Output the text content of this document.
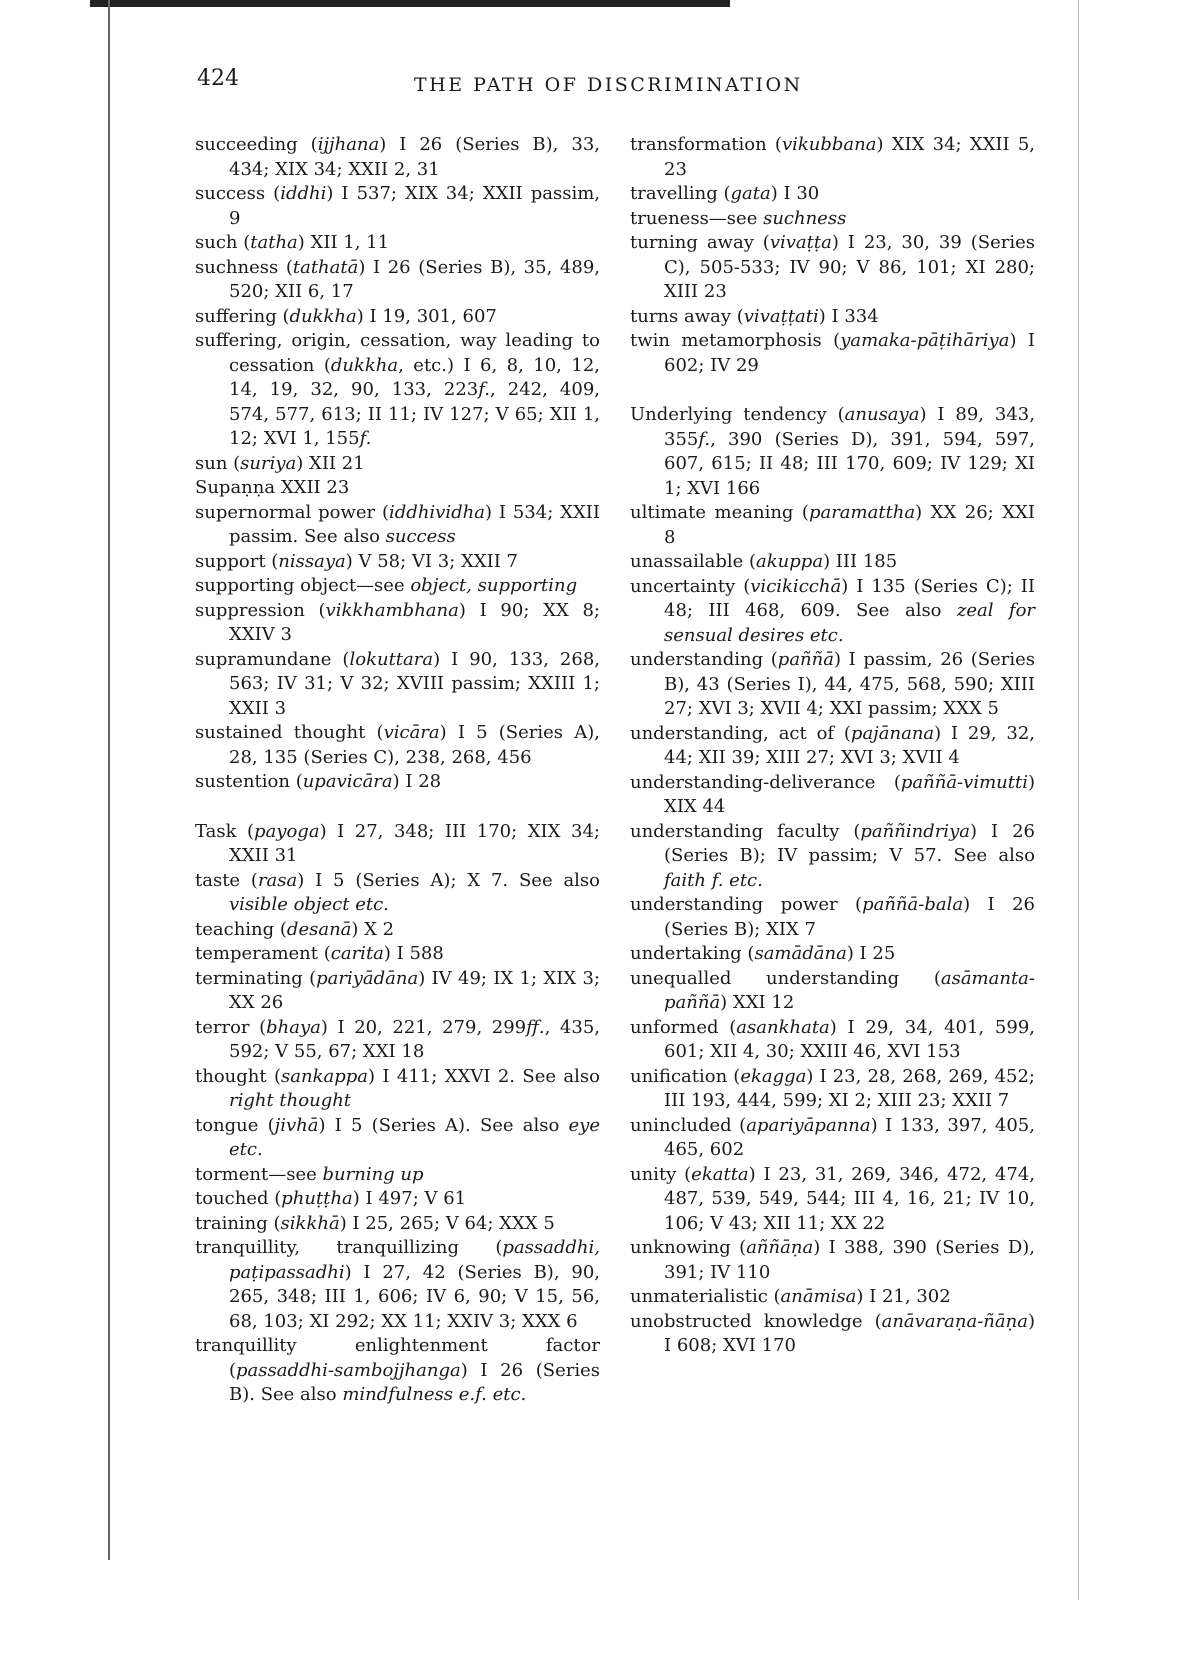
424	THE PATH OF DISCRIMINATION
succeeding (ijjhana) I 26 (Series B), 33, 434; XIX 34; XXII 2, 31
success (iddhi) I 537; XIX 34; XXII passim, 9
such (tatha) XII 1, 11
suchness (tathatā) I 26 (Series B), 35, 489, 520; XII 6, 17
suffering (dukkha) I 19, 301, 607
suffering, origin, cessation, way leading to cessation (dukkha, etc.) I 6, 8, 10, 12, 14, 19, 32, 90, 133, 223f., 242, 409, 574, 577, 613; II 11; IV 127; V 65; XII 1, 12; XVI 1, 155f.
sun (suriya) XII 21
Supaṇṇa XXII 23
supernormal power (iddhividha) I 534; XXII passim. See also success
support (nissaya) V 58; VI 3; XXII 7
supporting object—see object, supporting
suppression (vikkhambhana) I 90; XX 8; XXIV 3
supramundane (lokuttara) I 90, 133, 268, 563; IV 31; V 32; XVIII passim; XXIII 1; XXII 3
sustained thought (vicāra) I 5 (Series A), 28, 135 (Series C), 238, 268, 456
sustention (upavicāra) I 28
Task (payoga) I 27, 348; III 170; XIX 34; XXII 31
taste (rasa) I 5 (Series A); X 7. See also visible object etc.
teaching (desanā) X 2
temperament (carita) I 588
terminating (pariyādāna) IV 49; IX 1; XIX 3; XX 26
terror (bhaya) I 20, 221, 279, 299ff., 435, 592; V 55, 67; XXI 18
thought (sankappa) I 411; XXVI 2. See also right thought
tongue (jivhā) I 5 (Series A). See also eye etc.
torment—see burning up
touched (phuṭṭha) I 497; V 61
training (sikkhā) I 25, 265; V 64; XXX 5
tranquillity, tranquillizing (passaddhi, paṭipassadhi) I 27, 42 (Series B), 90, 265, 348; III 1, 606; IV 6, 90; V 15, 56, 68, 103; XI 292; XX 11; XXIV 3; XXX 6
tranquillity enlightenment factor (passaddhi-sambojjhanga) I 26 (Series B). See also mindfulness e.f. etc.
transformation (vikubbana) XIX 34; XXII 5, 23
travelling (gata) I 30
trueness—see suchness
turning away (vivaṭṭa) I 23, 30, 39 (Series C), 505-533; IV 90; V 86, 101; XI 280; XIII 23
turns away (vivaṭṭati) I 334
twin metamorphosis (yamaka-pāṭihāriya) I 602; IV 29
Underlying tendency (anusaya) I 89, 343, 355f., 390 (Series D), 391, 594, 597, 607, 615; II 48; III 170, 609; IV 129; XI 1; XVI 166
ultimate meaning (paramattha) XX 26; XXI 8
unassailable (akuppa) III 185
uncertainty (vicikicchā) I 135 (Series C); II 48; III 468, 609. See also zeal for sensual desires etc.
understanding (paññā) I passim, 26 (Series B), 43 (Series I), 44, 475, 568, 590; XIII 27; XVI 3; XVII 4; XXI passim; XXX 5
understanding, act of (pajānana) I 29, 32, 44; XII 39; XIII 27; XVI 3; XVII 4
understanding-deliverance (paññā-vimutti) XIX 44
understanding faculty (paññindriya) I 26 (Series B); IV passim; V 57. See also faith f. etc.
understanding power (paññā-bala) I 26 (Series B); XIX 7
undertaking (samādāna) I 25
unequalled understanding (asāmanta-paññā) XXI 12
unformed (asankhata) I 29, 34, 401, 599, 601; XII 4, 30; XXIII 46, XVI 153
unification (ekagga) I 23, 28, 268, 269, 452; III 193, 444, 599; XI 2; XIII 23; XXII 7
unincluded (apariyāpanna) I 133, 397, 405, 465, 602
unity (ekatta) I 23, 31, 269, 346, 472, 474, 487, 539, 549, 544; III 4, 16, 21; IV 10, 106; V 43; XII 11; XX 22
unknowing (aññāṇa) I 388, 390 (Series D), 391; IV 110
unmaterialistic (anāmisa) I 21, 302
unobstructed knowledge (anāvaraṇa-ñāṇa) I 608; XVI 170
